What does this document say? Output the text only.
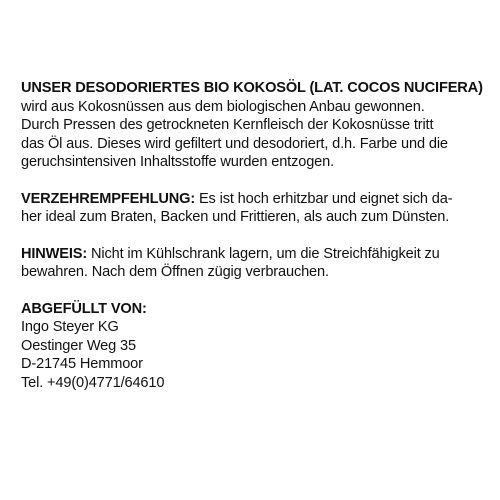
UNSER DESODORIERTES BIO KOKOSÖL (LAT. COCOS NUCIFERA)
wird aus Kokosnüssen aus dem biologischen Anbau gewonnen.
Durch Pressen des getrockneten Kernfleisch der Kokosnüsse tritt
das Öl aus. Dieses wird gefiltert und desodoriert, d.h. Farbe und die
geruchsintensiven Inhaltsstoffe wurden entzogen.
VERZEHREMPFEHLUNG: Es ist hoch erhitzbar und eignet sich da-
her ideal zum Braten, Backen und Frittieren, als auch zum Dünsten.
HINWEIS: Nicht im Kühlschrank lagern, um die Streichfähigkeit zu
bewahren. Nach dem Öffnen zügig verbrauchen.
ABGEFÜLLT VON:
Ingo Steyer KG
Oestinger Weg 35
D-21745 Hemmoor
Tel. +49(0)4771/64610
